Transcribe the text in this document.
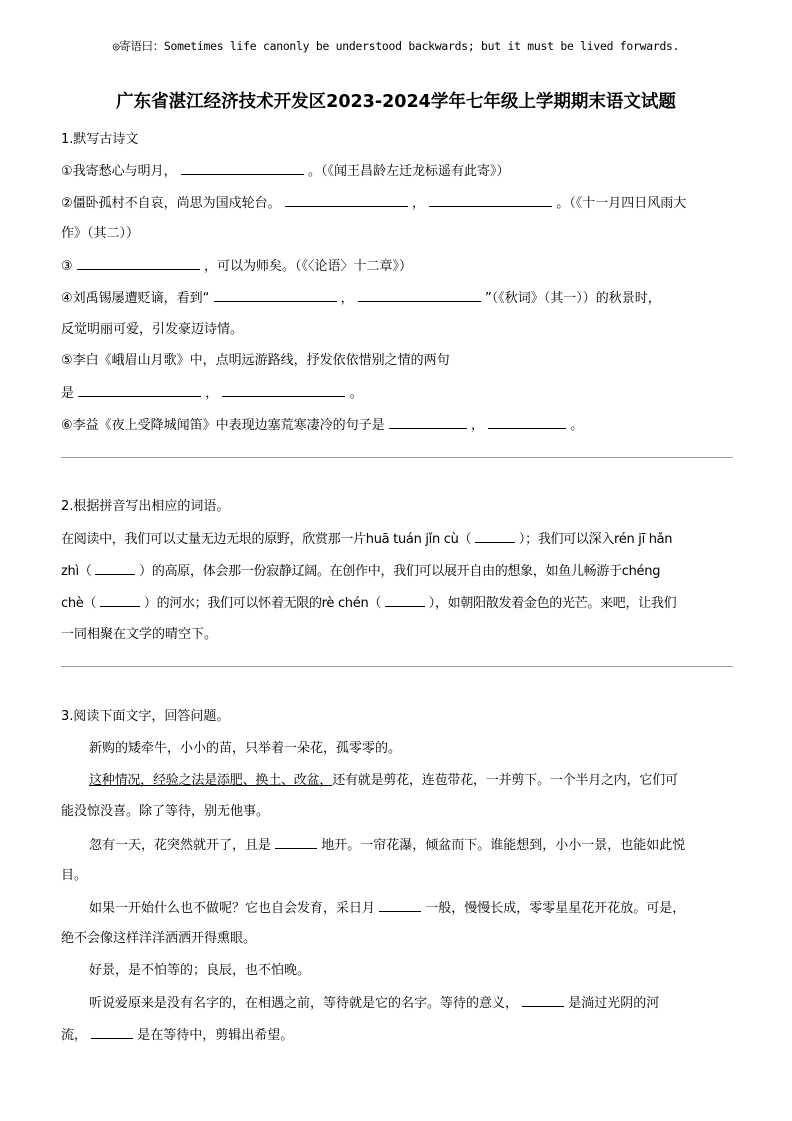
◎寄语曰：Sometimes life canonly be understood backwards; but it must be lived forwards.
广东省湛江经济技术开发区2023-2024学年七年级上学期期末语文试题
1.默写古诗文
①我寄愁心与明月，	。（《闻王昌龄左迁龙标遥有此寄》）
②僵卧孤村不自哀，尚思为国戍轮台。	，	。（《十一月四日风雨大
作》（其二））
③	，可以为师矣。（《〈论语〉十二章》）
④刘禹锡屡遭贬谪，看到“	，	”（《秋词》（其一））的秋景时，
反觉明丽可爱，引发豪迈诗情。
⑤李白《峨眉山月歌》中，点明远游路线，抒发依依惜别之情的两句
是	，	。
⑥李益《夜上受降城闻笛》中表现边塞荒寒凄冷的句子是	，	。
2.根据拼音写出相应的词语。
在阅读中，我们可以丈量无边无垠的原野，欣赏那一片huā tuán jǐn cù（	）；我们可以深入rén jī hǎn
zhì（	）的高原，体会那一份寂静辽阔。在创作中，我们可以展开自由的想象，如鱼儿畅游于chéng
chè（	）的河水；我们可以怀着无限的rè chén（	），如朝阳散发着金色的光芒。来吧，让我们
一同相聚在文学的晴空下。
3.阅读下面文字，回答问题。
新购的矮牵牛，小小的苗，只举着一朵花，孤零零的。
这种情况，经验之法是添肥、换土、改盆，还有就是剪花，连苞带花，一并剪下。一个半月之内，它们可
能没惊没喜。除了等待，别无他事。
忽有一天，花突然就开了，且是	地开。一帘花瀑，倾盆而下。谁能想到，小小一景，也能如此悦
目。
如果一开始什么也不做呢？它也自会发育，采日月	一般，慢慢长成，零零星星花开花放。可是，
绝不会像这样洋洋洒洒开得熏眼。
好景，是不怕等的；良辰，也不怕晚。
听说爱原来是没有名字的，在相遇之前，等待就是它的名字。等待的意义，	是淌过光阴的河
流，	是在等待中，剪辑出希望。
